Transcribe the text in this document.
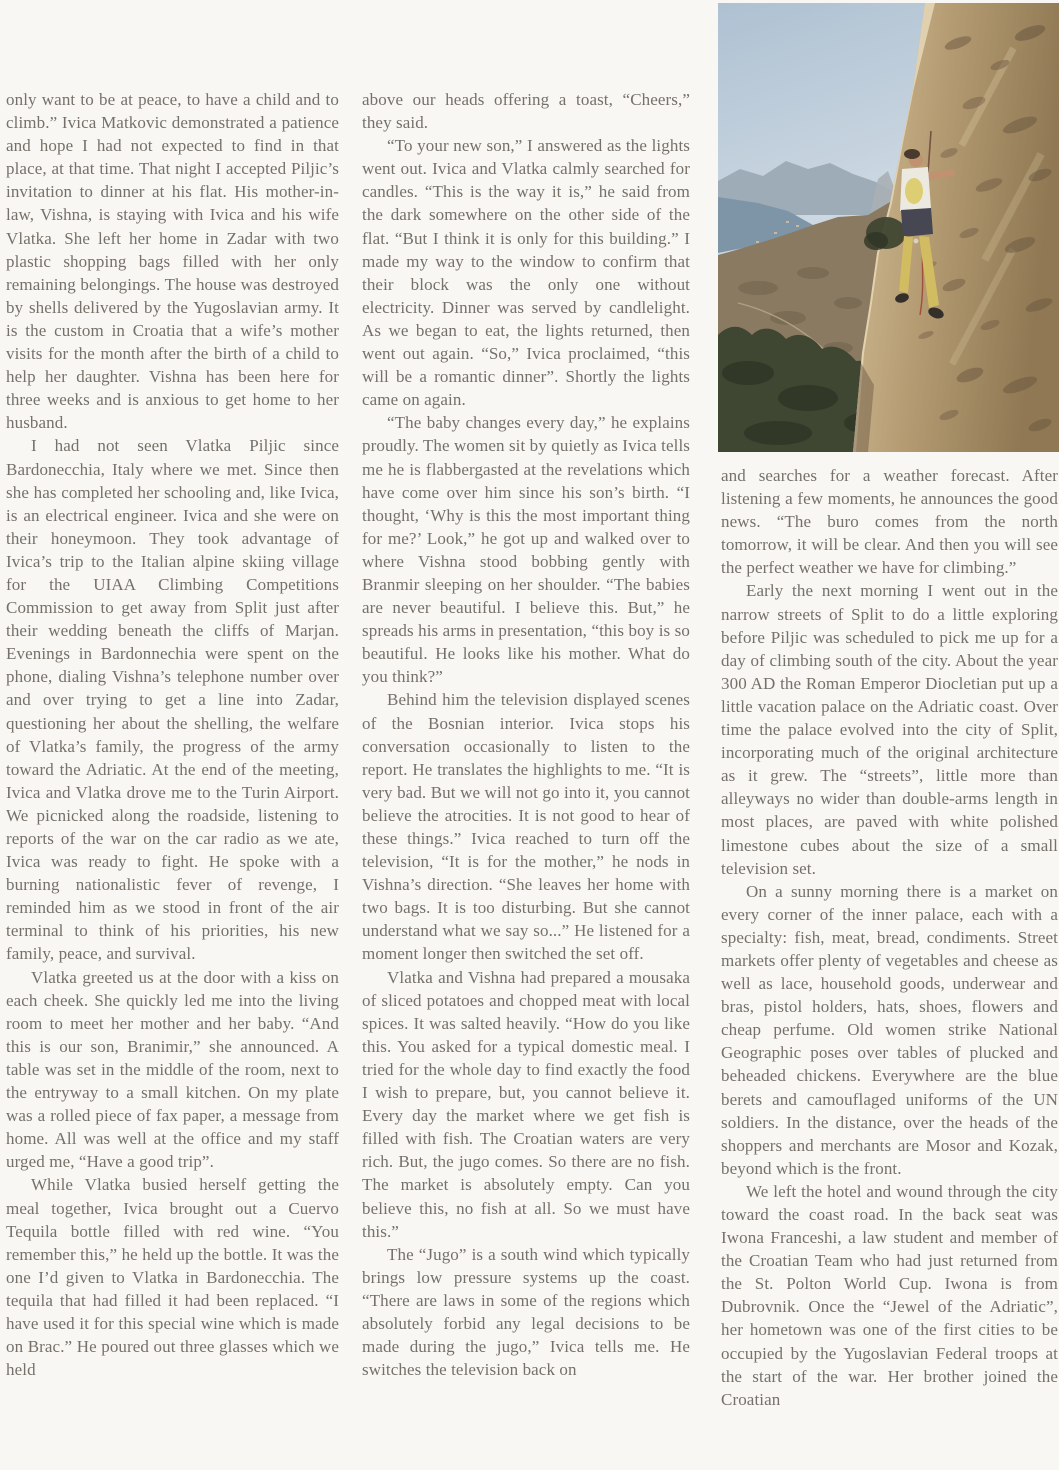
only want to be at peace, to have a child and to climb.” Ivica Matkovic demonstrated a patience and hope I had not expected to find in that place, at that time. That night I accepted Piljic’s invitation to dinner at his flat. His mother-in-law, Vishna, is staying with Ivica and his wife Vlatka. She left her home in Zadar with two plastic shopping bags filled with her only remaining belongings. The house was destroyed by shells delivered by the Yugoslavian army. It is the custom in Croatia that a wife’s mother visits for the month after the birth of a child to help her daughter. Vishna has been here for three weeks and is anxious to get home to her husband.

I had not seen Vlatka Piljic since Bardonecchia, Italy where we met. Since then she has completed her schooling and, like Ivica, is an electrical engineer. Ivica and she were on their honeymoon. They took advantage of Ivica’s trip to the Italian alpine skiing village for the UIAA Climbing Competitions Commission to get away from Split just after their wedding beneath the cliffs of Marjan. Evenings in Bardonnechia were spent on the phone, dialing Vishna’s telephone number over and over trying to get a line into Zadar, questioning her about the shelling, the welfare of Vlatka’s family, the progress of the army toward the Adriatic. At the end of the meeting, Ivica and Vlatka drove me to the Turin Airport. We picnicked along the roadside, listening to reports of the war on the car radio as we ate, Ivica was ready to fight. He spoke with a burning nationalistic fever of revenge, I reminded him as we stood in front of the air terminal to think of his priorities, his new family, peace, and survival.

Vlatka greeted us at the door with a kiss on each cheek. She quickly led me into the living room to meet her mother and her baby. “And this is our son, Branimir,” she announced. A table was set in the middle of the room, next to the entryway to a small kitchen. On my plate was a rolled piece of fax paper, a message from home. All was well at the office and my staff urged me, “Have a good trip”.

While Vlatka busied herself getting the meal together, Ivica brought out a Cuervo Tequila bottle filled with red wine. “You remember this,” he held up the bottle. It was the one I’d given to Vlatka in Bardonecchia. The tequila that had filled it had been replaced. “I have used it for this special wine which is made on Brac.” He poured out three glasses which we held

above our heads offering a toast, “Cheers,” they said.

“To your new son,” I answered as the lights went out. Ivica and Vlatka calmly searched for candles. “This is the way it is,” he said from the dark somewhere on the other side of the flat. “But I think it is only for this building.” I made my way to the window to confirm that their block was the only one without electricity. Dinner was served by candlelight. As we began to eat, the lights returned, then went out again. “So,” Ivica proclaimed, “this will be a romantic dinner”. Shortly the lights came on again.

“The baby changes every day,” he explains proudly. The women sit by quietly as Ivica tells me he is flabbergasted at the revelations which have come over him since his son’s birth. “I thought, ‘Why is this the most important thing for me?’ Look,” he got up and walked over to where Vishna stood bobbing gently with Branmir sleeping on her shoulder. “The babies are never beautiful. I believe this. But,” he spreads his arms in presentation, “this boy is so beautiful. He looks like his mother. What do you think?”

Behind him the television displayed scenes of the Bosnian interior. Ivica stops his conversation occasionally to listen to the report. He translates the highlights to me. “It is very bad. But we will not go into it, you cannot believe the atrocities. It is not good to hear of these things.” Ivica reached to turn off the television, “It is for the mother,” he nods in Vishna’s direction. “She leaves her home with two bags. It is too disturbing. But she cannot understand what we say so...” He listened for a moment longer then switched the set off.

Vlatka and Vishna had prepared a mousaka of sliced potatoes and chopped meat with local spices. It was salted heavily. “How do you like this. You asked for a typical domestic meal. I tried for the whole day to find exactly the food I wish to prepare, but, you cannot believe it. Every day the market where we get fish is filled with fish. The Croatian waters are very rich. But, the jugo comes. So there are no fish. The market is absolutely empty. Can you believe this, no fish at all. So we must have this.”

The “Jugo” is a south wind which typically brings low pressure systems up the coast. “There are laws in some of the regions which absolutely forbid any legal decisions to be made during the jugo,” Ivica tells me. He switches the television back on

and searches for a weather forecast. After listening a few moments, he announces the good news. “The buro comes from the north tomorrow, it will be clear. And then you will see the perfect weather we have for climbing.”

Early the next morning I went out in the narrow streets of Split to do a little exploring before Piljic was scheduled to pick me up for a day of climbing south of the city. About the year 300 AD the Roman Emperor Diocletian put up a little vacation palace on the Adriatic coast. Over time the palace evolved into the city of Split, incorporating much of the original architecture as it grew. The “streets”, little more than alleyways no wider than double-arms length in most places, are paved with white polished limestone cubes about the size of a small television set.

On a sunny morning there is a market on every corner of the inner palace, each with a specialty: fish, meat, bread, condiments. Street markets offer plenty of vegetables and cheese as well as lace, household goods, underwear and bras, pistol holders, hats, shoes, flowers and cheap perfume. Old women strike National Geographic poses over tables of plucked and beheaded chickens. Everywhere are the blue berets and camouflaged uniforms of the UN soldiers. In the distance, over the heads of the shoppers and merchants are Mosor and Kozak, beyond which is the front.

We left the hotel and wound through the city toward the coast road. In the back seat was Iwona Franceshi, a law student and member of the Croatian Team who had just returned from the St. Polton World Cup. Iwona is from Dubrovnik. Once the “Jewel of the Adriatic”, her hometown was one of the first cities to be occupied by the Yugoslavian Federal troops at the start of the war. Her brother joined the Croatian
